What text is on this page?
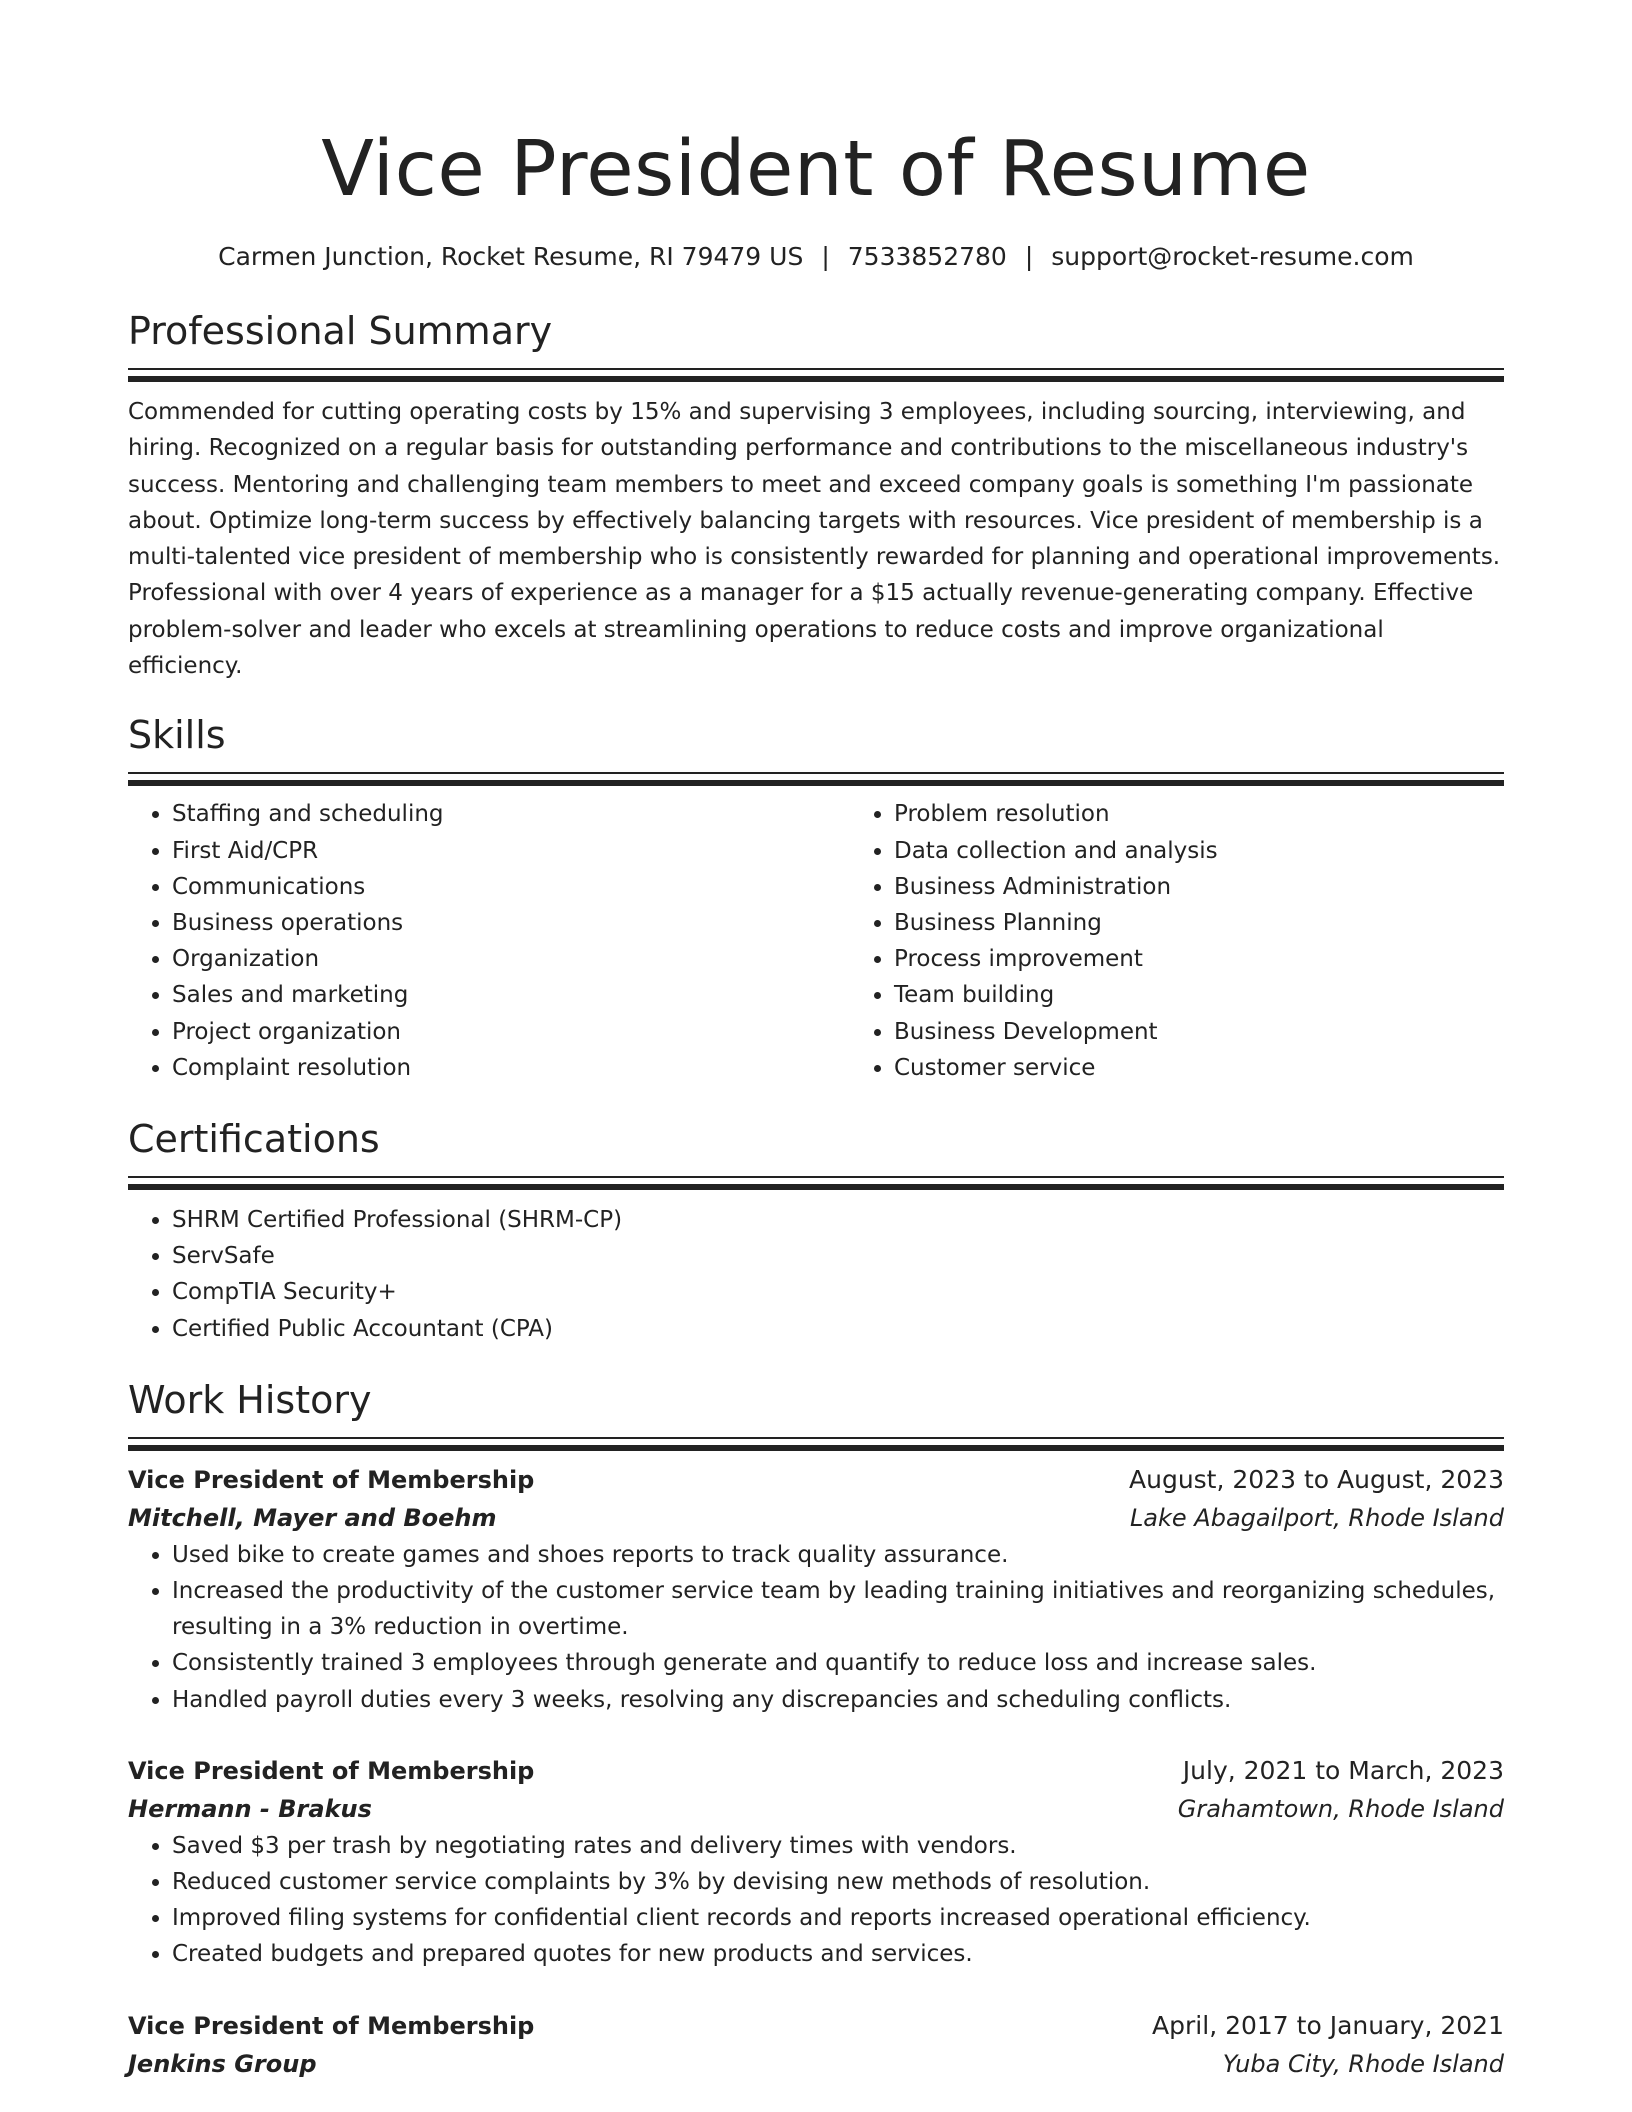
Vice President of Resume
Carmen Junction, Rocket Resume, RI 79479 US | 7533852780 | support@rocket-resume.com
Professional Summary
Commended for cutting operating costs by 15% and supervising 3 employees, including sourcing, interviewing, and hiring. Recognized on a regular basis for outstanding performance and contributions to the miscellaneous industry's success. Mentoring and challenging team members to meet and exceed company goals is something I'm passionate about. Optimize long-term success by effectively balancing targets with resources. Vice president of membership is a multi-talented vice president of membership who is consistently rewarded for planning and operational improvements. Professional with over 4 years of experience as a manager for a $15 actually revenue-generating company. Effective problem-solver and leader who excels at streamlining operations to reduce costs and improve organizational efficiency.
Skills
• Staffing and scheduling
• First Aid/CPR
• Communications
• Business operations
• Organization
• Sales and marketing
• Project organization
• Complaint resolution
• Problem resolution
• Data collection and analysis
• Business Administration
• Business Planning
• Process improvement
• Team building
• Business Development
• Customer service
Certifications
• SHRM Certified Professional (SHRM-CP)
• ServSafe
• CompTIA Security+
• Certified Public Accountant (CPA)
Work History
Vice President of Membership	August, 2023 to August, 2023
Mitchell, Mayer and Boehm	Lake Abagailport, Rhode Island
• Used bike to create games and shoes reports to track quality assurance.
• Increased the productivity of the customer service team by leading training initiatives and reorganizing schedules, resulting in a 3% reduction in overtime.
• Consistently trained 3 employees through generate and quantify to reduce loss and increase sales.
• Handled payroll duties every 3 weeks, resolving any discrepancies and scheduling conflicts.
Vice President of Membership	July, 2021 to March, 2023
Hermann - Brakus	Grahamtown, Rhode Island
• Saved $3 per trash by negotiating rates and delivery times with vendors.
• Reduced customer service complaints by 3% by devising new methods of resolution.
• Improved filing systems for confidential client records and reports increased operational efficiency.
• Created budgets and prepared quotes for new products and services.
Vice President of Membership	April, 2017 to January, 2021
Jenkins Group	Yuba City, Rhode Island
